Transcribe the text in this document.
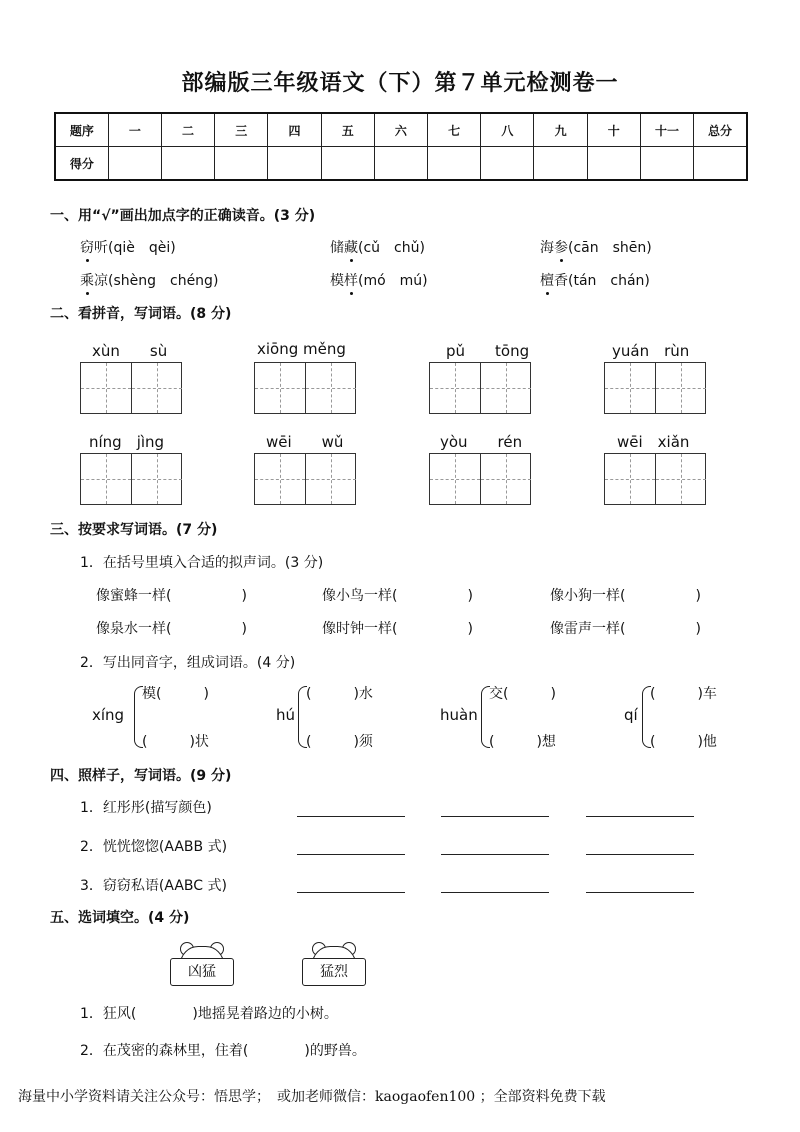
部编版三年级语文（下）第７单元检测卷一
题序	一	二	三	四	五	六	七	八	九	十	十一	总分
得分												
一、用“√”画出加点字的正确读音。(3 分)
窃听(qiè　qèi)	储藏(cǔ　chǔ)	海参(cān　shēn)
乘凉(shèng　chéng)	模样(mó　mú)	檀香(tán　chán)
二、看拼音，写词语。(8 分)
xùn　　sù	xiōng měng	pǔ　　tōng	yuán　rùn
níng　jìng	wēi　　wǔ	yòu　　rén	wēi　xiǎn
三、按要求写词语。(7 分)
1．在括号里填入合适的拟声词。(3 分)
像蜜蜂一样(　　　　　)	像小鸟一样(　　　　　)	像小狗一样(　　　　　)
像泉水一样(　　　　　)	像时钟一样(　　　　　)	像雷声一样(　　　　　)
2．写出同音字，组成词语。(4 分)
xíng
模(　　　)
(　　　)状
hú
(　　　)水
(　　　)须
huàn
交(　　　)
(　　　)想
qí
(　　　)车
(　　　)他
四、照样子，写词语。(9 分)
1．红彤彤(描写颜色)
2．恍恍惚惚(AABB 式)
3．窃窃私语(AABC 式)
五、选词填空。(4 分)
凶猛	猛烈
1．狂风(　　　　)地摇晃着路边的小树。
2．在茂密的森林里，住着(　　　　)的野兽。
海量中小学资料请关注公众号：悟思学；　或加老师微信：kaogaofen100 ；全部资料免费下载
